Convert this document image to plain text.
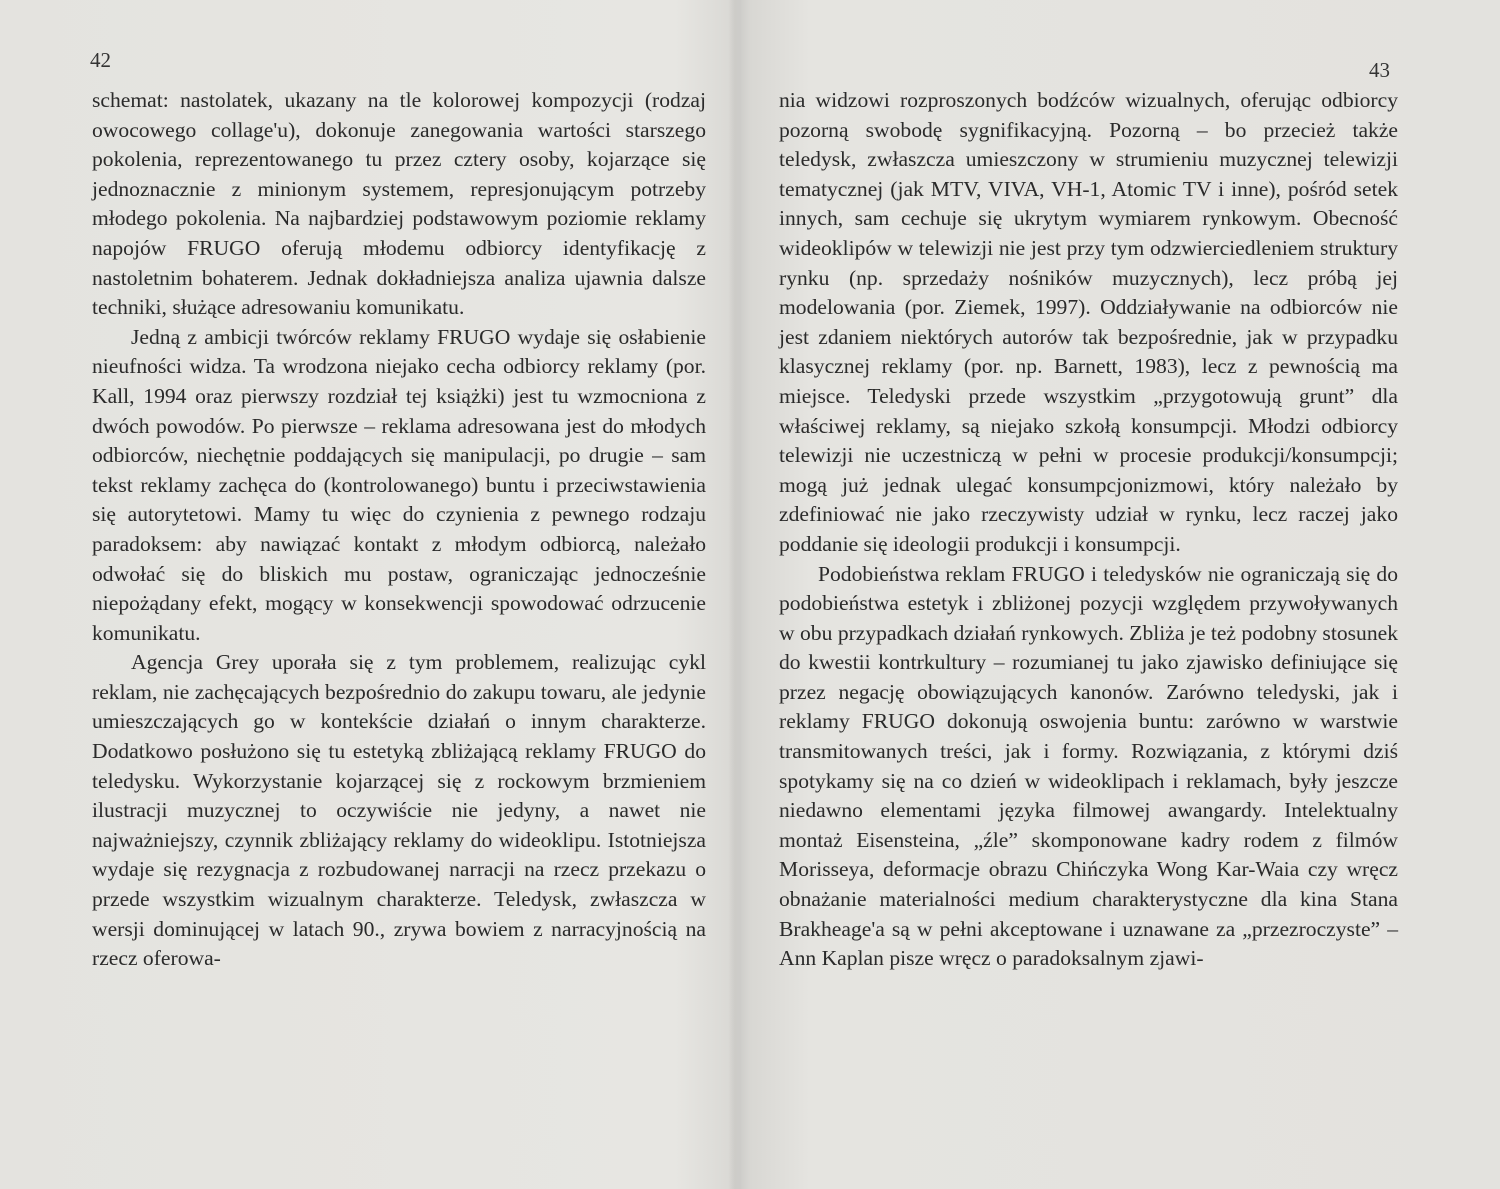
42

schemat: nastolatek, ukazany na tle kolorowej kompozycji (rodzaj owocowego collage'u), dokonuje zanegowania wartości starszego pokolenia, reprezentowanego tu przez cztery osoby, kojarzące się jednoznacznie z minionym systemem, represjonującym potrzeby młodego pokolenia. Na najbardziej podstawowym poziomie reklamy napojów FRUGO oferują młodemu odbiorcy identyfikację z nastoletnim bohaterem. Jednak dokładniejsza analiza ujawnia dalsze techniki, służące adresowaniu komunikatu.

Jedną z ambicji twórców reklamy FRUGO wydaje się osłabienie nieufności widza. Ta wrodzona niejako cecha odbiorcy reklamy (por. Kall, 1994 oraz pierwszy rozdział tej książki) jest tu wzmocniona z dwóch powodów. Po pierwsze – reklama adresowana jest do młodych odbiorców, niechętnie poddających się manipulacji, po drugie – sam tekst reklamy zachęca do (kontrolowanego) buntu i przeciwstawienia się autorytetowi. Mamy tu więc do czynienia z pewnego rodzaju paradoksem: aby nawiązać kontakt z młodym odbiorcą, należało odwołać się do bliskich mu postaw, ograniczając jednocześnie niepożądany efekt, mogący w konsekwencji spowodować odrzucenie komunikatu.

Agencja Grey uporała się z tym problemem, realizując cykl reklam, nie zachęcających bezpośrednio do zakupu towaru, ale jedynie umieszczających go w kontekście działań o innym charakterze. Dodatkowo posłużono się tu estetyką zbliżającą reklamy FRUGO do teledysku. Wykorzystanie kojarzącej się z rockowym brzmieniem ilustracji muzycznej to oczywiście nie jedyny, a nawet nie najważniejszy, czynnik zbliżający reklamy do wideoklipu. Istotniejsza wydaje się rezygnacja z rozbudowanej narracji na rzecz przekazu o przede wszystkim wizualnym charakterze. Teledysk, zwłaszcza w wersji dominującej w latach 90., zrywa bowiem z narracyjnością na rzecz oferowa-

43

nia widzowi rozproszonych bodźców wizualnych, oferując odbiorcy pozorną swobodę sygnifikacyjną. Pozorną – bo przecież także teledysk, zwłaszcza umieszczony w strumieniu muzycznej telewizji tematycznej (jak MTV, VIVA, VH-1, Atomic TV i inne), pośród setek innych, sam cechuje się ukrytym wymiarem rynkowym. Obecność wideoklipów w telewizji nie jest przy tym odzwierciedleniem struktury rynku (np. sprzedaży nośników muzycznych), lecz próbą jej modelowania (por. Ziemek, 1997). Oddziaływanie na odbiorców nie jest zdaniem niektórych autorów tak bezpośrednie, jak w przypadku klasycznej reklamy (por. np. Barnett, 1983), lecz z pewnością ma miejsce. Teledyski przede wszystkim „przygotowują grunt” dla właściwej reklamy, są niejako szkołą konsumpcji. Młodzi odbiorcy telewizji nie uczestniczą w pełni w procesie produkcji/konsumpcji; mogą już jednak ulegać konsumpcjonizmowi, który należało by zdefiniować nie jako rzeczywisty udział w rynku, lecz raczej jako poddanie się ideologii produkcji i konsumpcji.

Podobieństwa reklam FRUGO i teledysków nie ograniczają się do podobieństwa estetyk i zbliżonej pozycji względem przywoływanych w obu przypadkach działań rynkowych. Zbliża je też podobny stosunek do kwestii kontrkultury – rozumianej tu jako zjawisko definiujące się przez negację obowiązujących kanonów. Zarówno teledyski, jak i reklamy FRUGO dokonują oswojenia buntu: zarówno w warstwie transmitowanych treści, jak i formy. Rozwiązania, z którymi dziś spotykamy się na co dzień w wideoklipach i reklamach, były jeszcze niedawno elementami języka filmowej awangardy. Intelektualny montaż Eisensteina, „źle” skomponowane kadry rodem z filmów Morisseya, deformacje obrazu Chińczyka Wong Kar-Waia czy wręcz obnażanie materialności medium charakterystyczne dla kina Stana Brakheage'a są w pełni akceptowane i uznawane za „przezroczyste” – Ann Kaplan pisze wręcz o paradoksalnym zjawi-
